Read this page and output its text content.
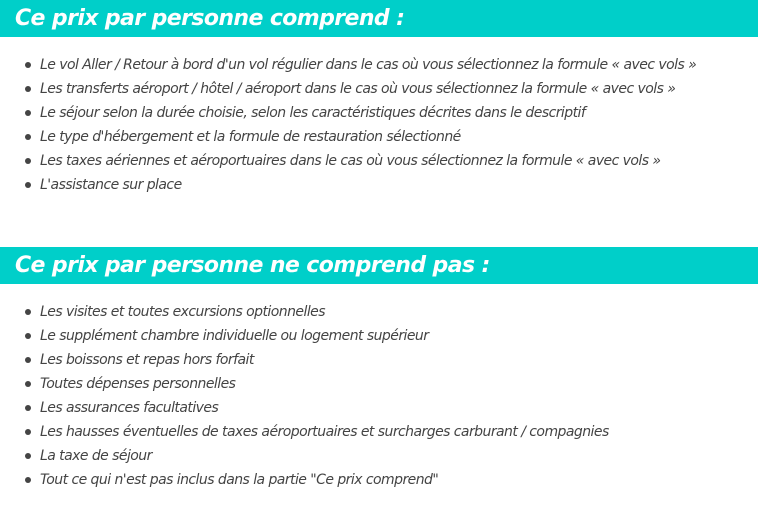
Ce prix par personne comprend :
Le vol Aller / Retour à bord d'un vol régulier dans le cas où vous sélectionnez la formule « avec vols »
Les transferts aéroport / hôtel / aéroport dans le cas où vous sélectionnez la formule « avec vols »
Le séjour selon la durée choisie, selon les caractéristiques décrites dans le descriptif
Le type d'hébergement et la formule de restauration sélectionné
Les taxes aériennes et aéroportuaires dans le cas où vous sélectionnez la formule « avec vols »
L'assistance sur place
Ce prix par personne ne comprend pas :
Les visites et toutes excursions optionnelles
Le supplément chambre individuelle ou logement supérieur
Les boissons et repas hors forfait
Toutes dépenses personnelles
Les assurances facultatives
Les hausses éventuelles de taxes aéroportuaires et surcharges carburant / compagnies
La taxe de séjour
Tout ce qui n'est pas inclus dans la partie "Ce prix comprend"
